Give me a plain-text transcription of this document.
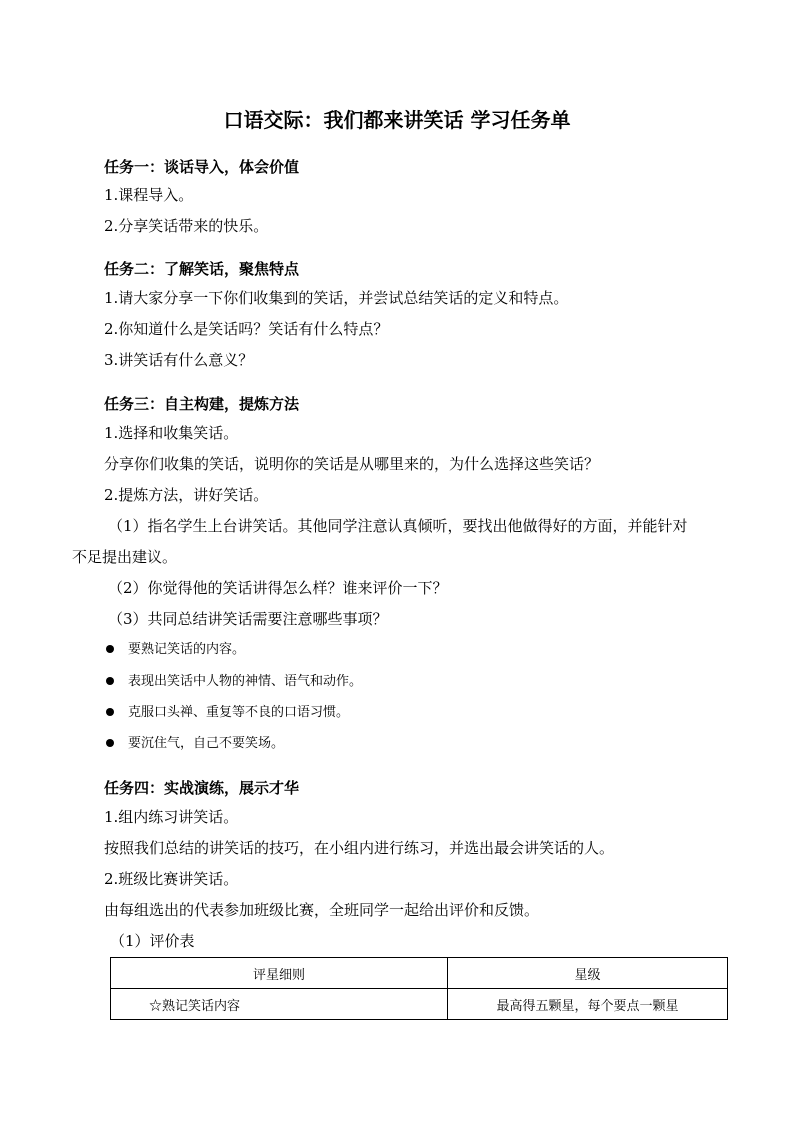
口语交际：我们都来讲笑话 学习任务单
任务一：谈话导入，体会价值
1.课程导入。
2.分享笑话带来的快乐。
任务二：了解笑话，聚焦特点
1.请大家分享一下你们收集到的笑话，并尝试总结笑话的定义和特点。
2.你知道什么是笑话吗？笑话有什么特点？
3.讲笑话有什么意义？
任务三：自主构建，提炼方法
1.选择和收集笑话。
分享你们收集的笑话，说明你的笑话是从哪里来的，为什么选择这些笑话？
2.提炼方法，讲好笑话。
（1）指名学生上台讲笑话。其他同学注意认真倾听，要找出他做得好的方面，并能针对
不足提出建议。
（2）你觉得他的笑话讲得怎么样？谁来评价一下？
（3）共同总结讲笑话需要注意哪些事项？
要熟记笑话的内容。
表现出笑话中人物的神情、语气和动作。
克服口头禅、重复等不良的口语习惯。
要沉住气，自己不要笑场。
任务四：实战演练，展示才华
1.组内练习讲笑话。
按照我们总结的讲笑话的技巧，在小组内进行练习，并选出最会讲笑话的人。
2.班级比赛讲笑话。
由每组选出的代表参加班级比赛，全班同学一起给出评价和反馈。
（1）评价表
评星细则	星级
☆熟记笑话内容	最高得五颗星，每个要点一颗星
